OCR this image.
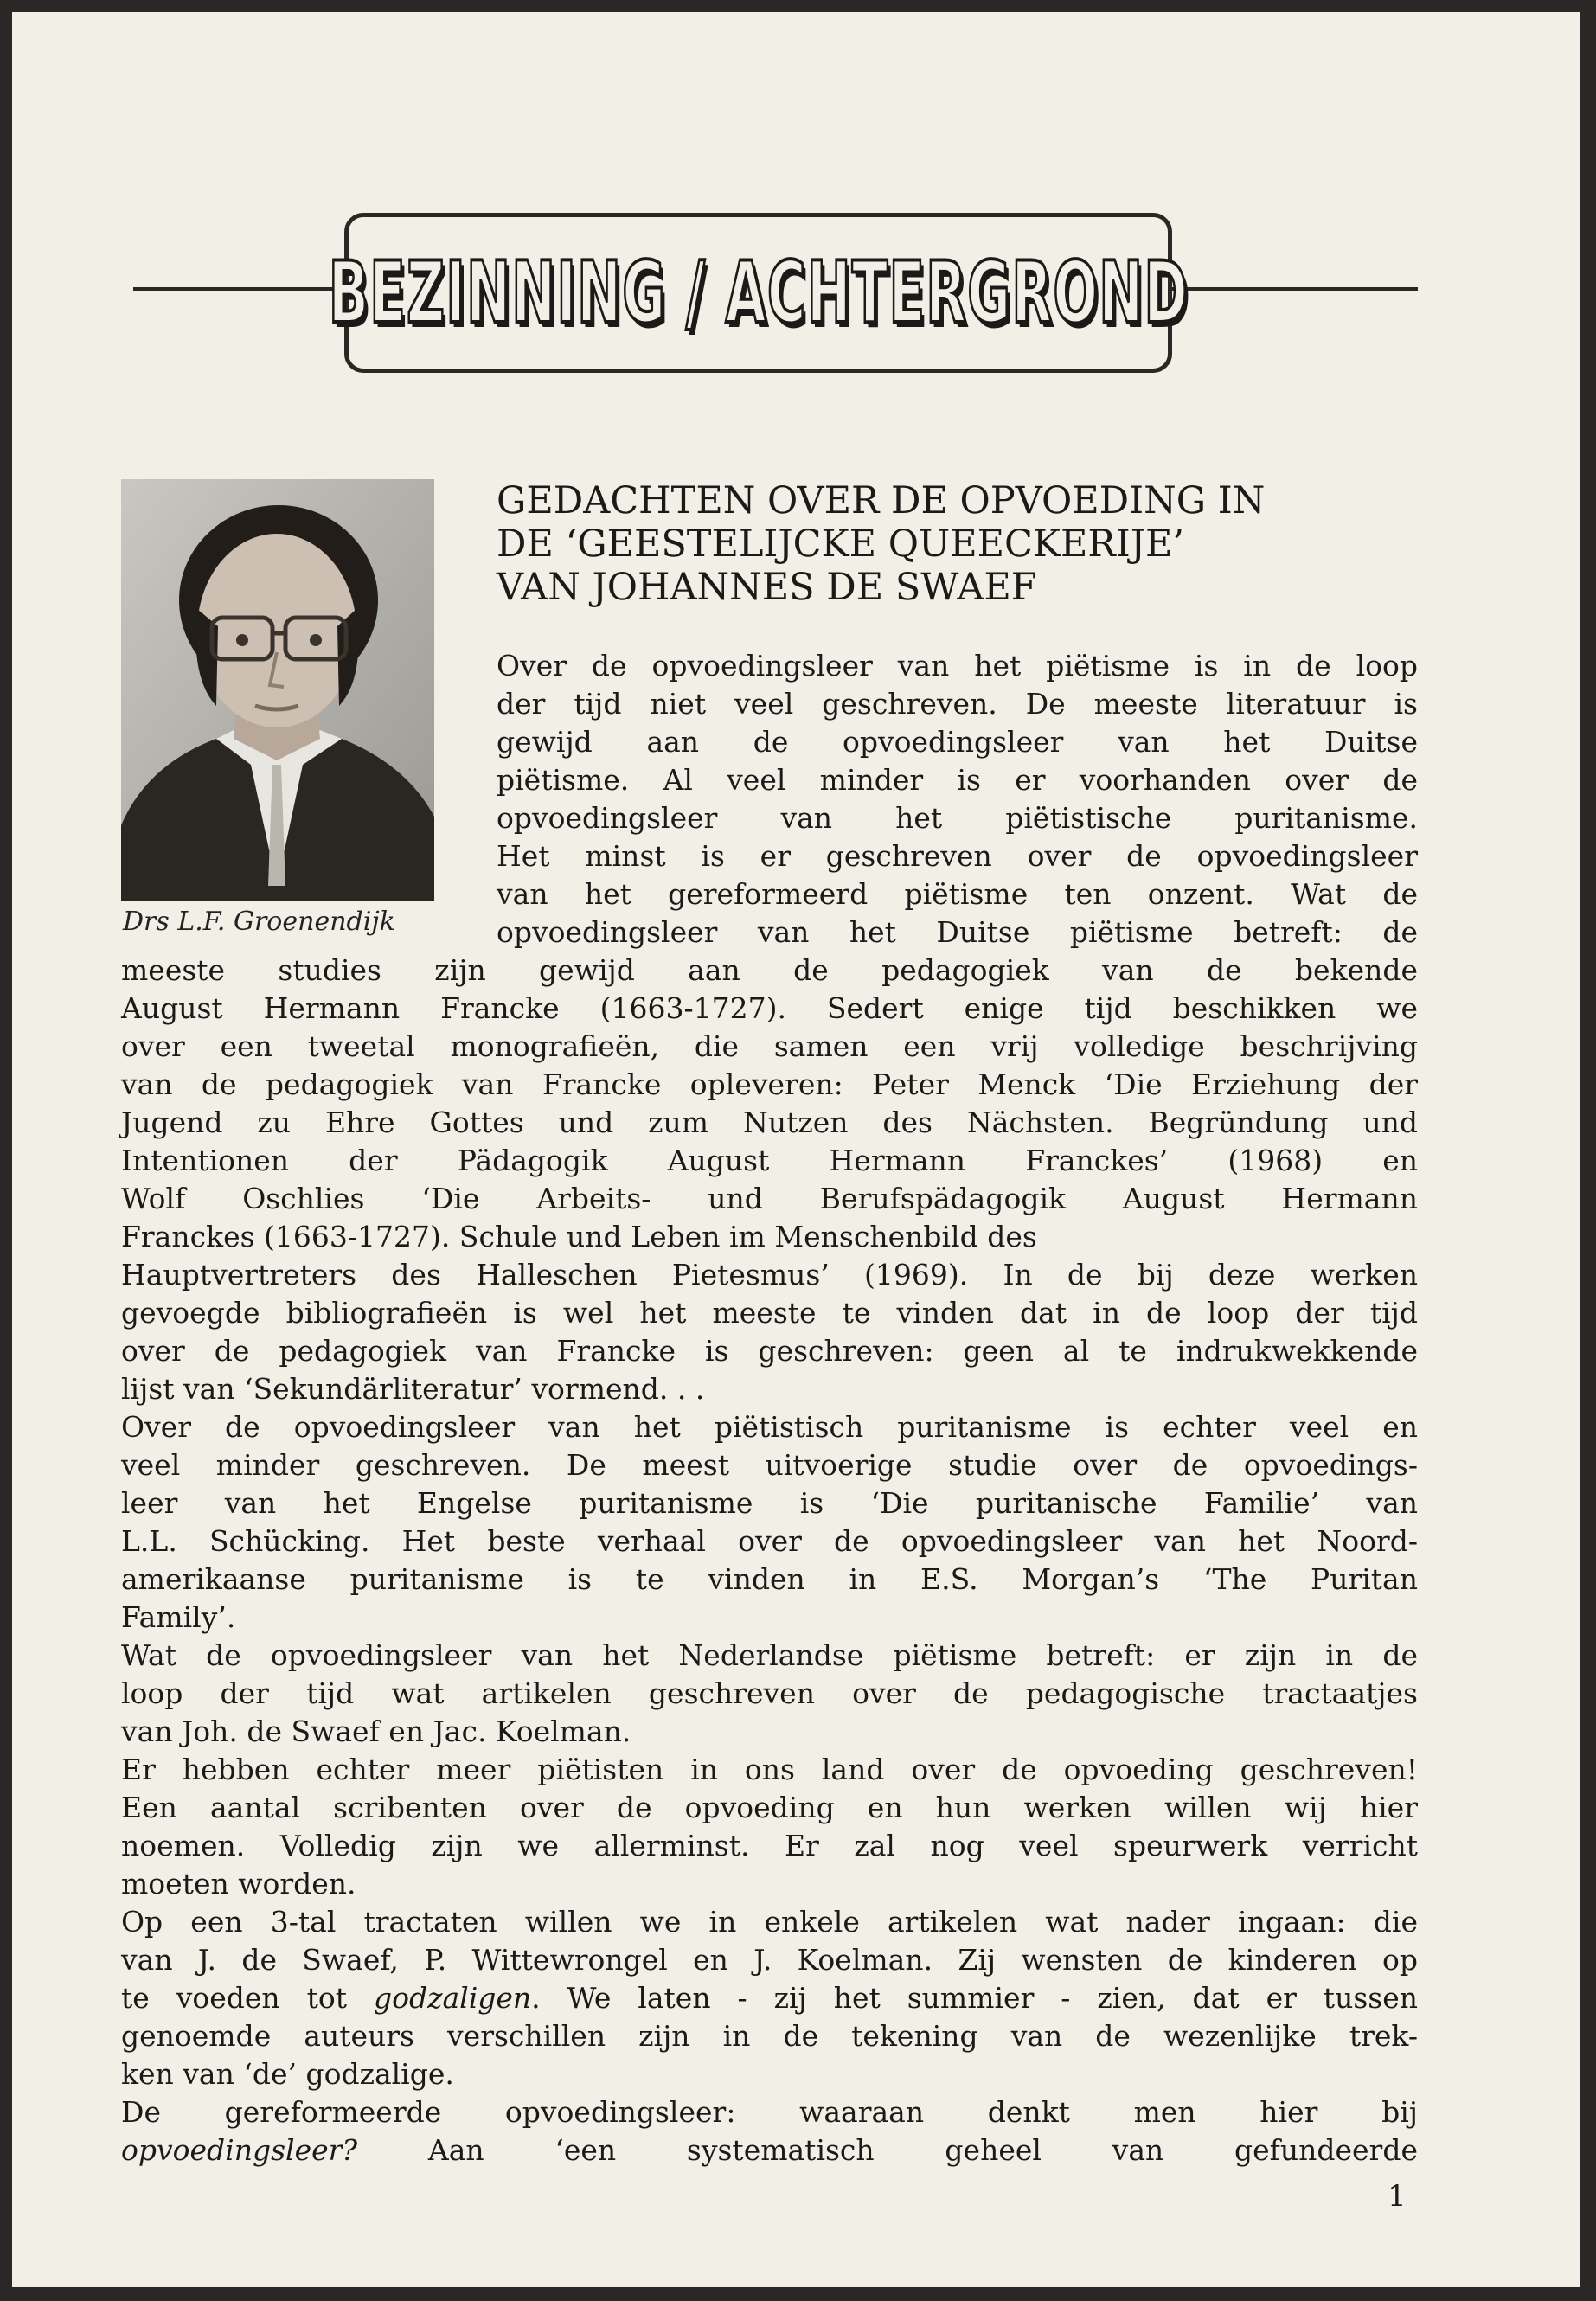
BEZINNING / ACHTERGROND
Drs L.F. Groenendijk
GEDACHTEN OVER DE OPVOEDING IN
DE ‘GEESTELIJCKE QUEECKERIJE’
VAN JOHANNES DE SWAEF
Over de opvoedingsleer van het piëtisme is in de loop
der tijd niet veel geschreven. De meeste literatuur is
gewijd aan de opvoedingsleer van het Duitse
piëtisme. Al veel minder is er voorhanden over de
opvoedingsleer van het piëtistische puritanisme.
Het minst is er geschreven over de opvoedingsleer
van het gereformeerd piëtisme ten onzent. Wat de
opvoedingsleer van het Duitse piëtisme betreft: de
meeste studies zijn gewijd aan de pedagogiek van de bekende
August Hermann Francke (1663-1727). Sedert enige tijd beschikken we
over een tweetal monografieën, die samen een vrij volledige beschrijving
van de pedagogiek van Francke opleveren: Peter Menck ‘Die Erziehung der
Jugend zu Ehre Gottes und zum Nutzen des Nächsten. Begründung und
Intentionen der Pädagogik August Hermann Franckes’ (1968) en
Wolf Oschlies ‘Die Arbeits- und Berufspädagogik August Hermann
Franckes (1663-1727). Schule und Leben im Menschenbild des
Hauptvertreters des Halleschen Pietesmus’ (1969). In de bij deze werken
gevoegde bibliografieën is wel het meeste te vinden dat in de loop der tijd
over de pedagogiek van Francke is geschreven: geen al te indrukwekkende
lijst van ‘Sekundärliteratur’ vormend. . .
Over de opvoedingsleer van het piëtistisch puritanisme is echter veel en
veel minder geschreven. De meest uitvoerige studie over de opvoedings-
leer van het Engelse puritanisme is ‘Die puritanische Familie’ van
L.L. Schücking. Het beste verhaal over de opvoedingsleer van het Noord-
amerikaanse puritanisme is te vinden in E.S. Morgan’s ‘The Puritan
Family’.
Wat de opvoedingsleer van het Nederlandse piëtisme betreft: er zijn in de
loop der tijd wat artikelen geschreven over de pedagogische tractaatjes
van Joh. de Swaef en Jac. Koelman.
Er hebben echter meer piëtisten in ons land over de opvoeding geschreven!
Een aantal scribenten over de opvoeding en hun werken willen wij hier
noemen. Volledig zijn we allerminst. Er zal nog veel speurwerk verricht
moeten worden.
Op een 3-tal tractaten willen we in enkele artikelen wat nader ingaan: die
van J. de Swaef, P. Wittewrongel en J. Koelman. Zij wensten de kinderen op
te voeden tot godzaligen. We laten - zij het summier - zien, dat er tussen
genoemde auteurs verschillen zijn in de tekening van de wezenlijke trek-
ken van ‘de’ godzalige.
De gereformeerde opvoedingsleer: waaraan denkt men hier bij
opvoedingsleer? Aan ‘een systematisch geheel van gefundeerde
1
